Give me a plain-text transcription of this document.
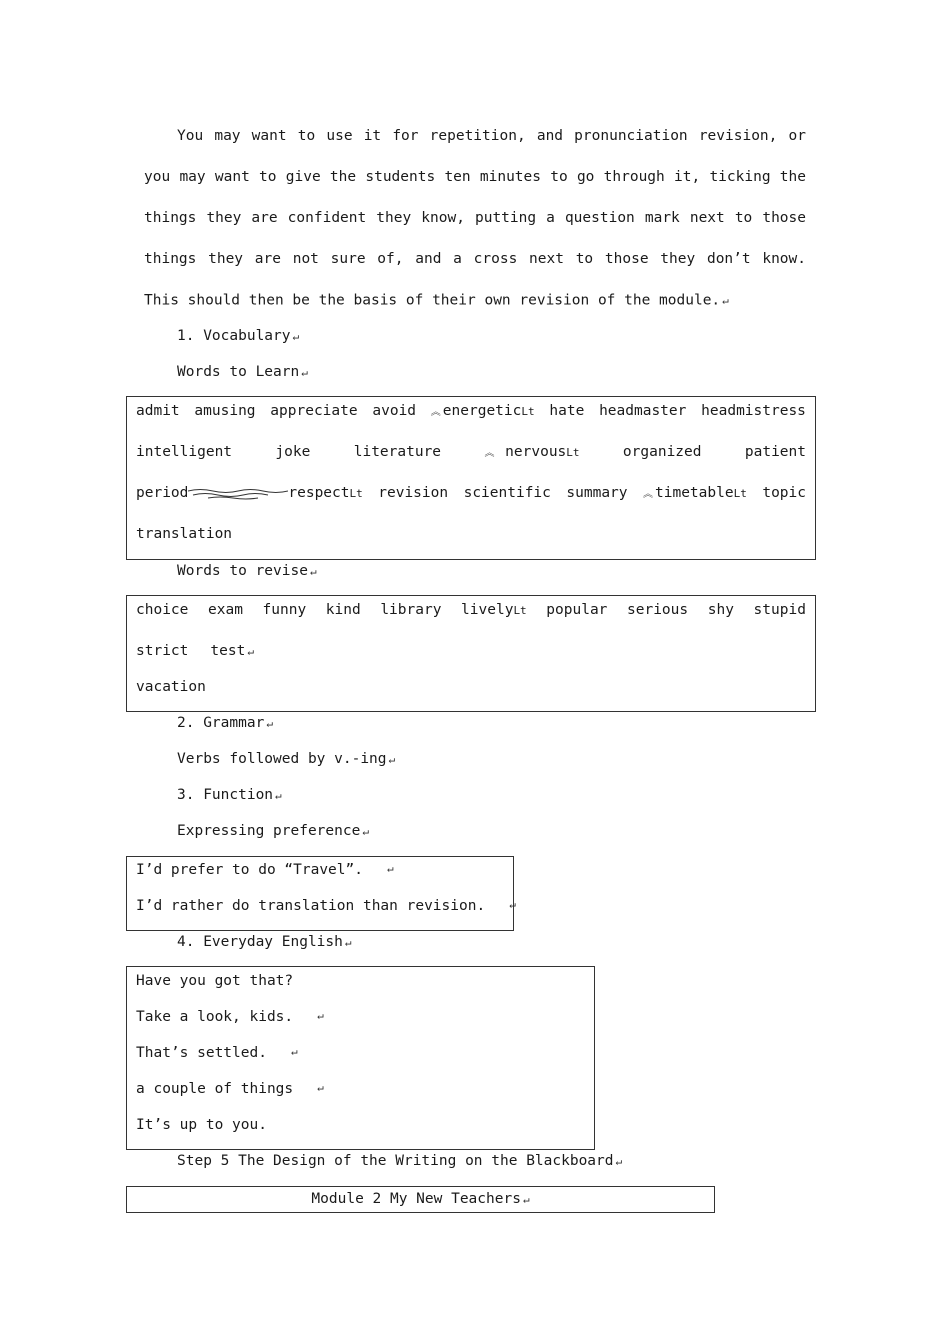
You may want to use it for repetition, and pronunciation revision, or you may want to give the students ten minutes to go through it, ticking the things they are confident they know, putting a question mark next to those things they are not sure of, and a cross next to those they don’t know. This should then be the basis of their own revision of the module. ↵

1. Vocabulary ↵
Words to Learn ↵
admit amusing appreciate avoid ︽ energeticLt hate headmaster headmistress
intelligent	joke	literature	︽ nervousLt	organized	patient
period	respectLt revision scientific summary ︽ timetableLt topic
translation
Words to revise ↵
choice exam funny kind library livelyLt popular serious shy stupid
strict test ↵
vacation
2. Grammar ↵
Verbs followed by v.-ing ↵
3. Function ↵
Expressing preference ↵
I’d prefer to do “Travel”. ↵
I’d rather do translation than revision. ↵
4. Everyday English ↵
Have you got that?
Take a look, kids. ↵
That’s settled. ↵
a couple of things ↵
It’s up to you.
Step 5 The Design of the Writing on the Blackboard ↵
Module 2 My New Teachers ↵
